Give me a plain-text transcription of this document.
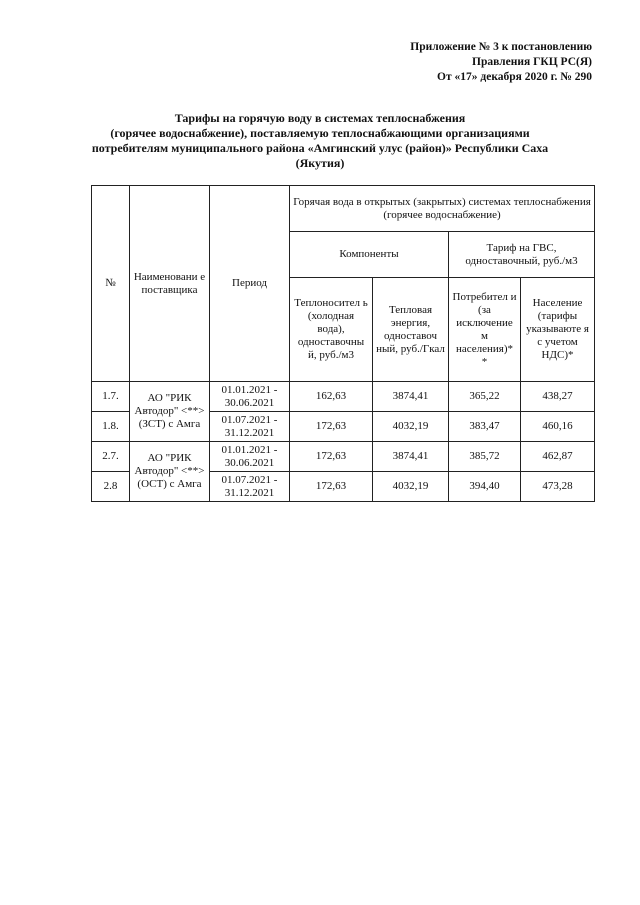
Приложение № 3 к постановлению
Правления ГКЦ РС(Я)
От «17» декабря 2020 г. № 290
Тарифы на горячую воду в системах теплоснабжения
(горячее водоснабжение), поставляемую теплоснабжающими организациями
потребителям муниципального района «Амгинский улус (район)» Республики Саха
(Якутия)
№	Наименовани е поставщика	Период	Горячая вода в открытых (закрытых) системах теплоснабжения (горячее водоснабжение)			
			Компоненты		Тариф на ГВС, одноставочный, руб./м3	
			Теплоносител ь (холодная вода), одноставочны й, руб./м3	Тепловая энергия, одноставоч ный, руб./Гкал	Потребител и (за исключение м населения)* *	Население (тарифы указываюте я с учетом НДС)*
1.7.	АО "РИК Автодор" <**> (ЗСТ) с Амга	01.01.2021 - 30.06.2021	162,63	3874,41	365,22	438,27
1.8.		01.07.2021 - 31.12.2021	172,63	4032,19	383,47	460,16
2.7.	АО "РИК Автодор" <**> (ОСТ) с Амга	01.01.2021 - 30.06.2021	172,63	3874,41	385,72	462,87
2.8		01.07.2021 - 31.12.2021	172,63	4032,19	394,40	473,28
